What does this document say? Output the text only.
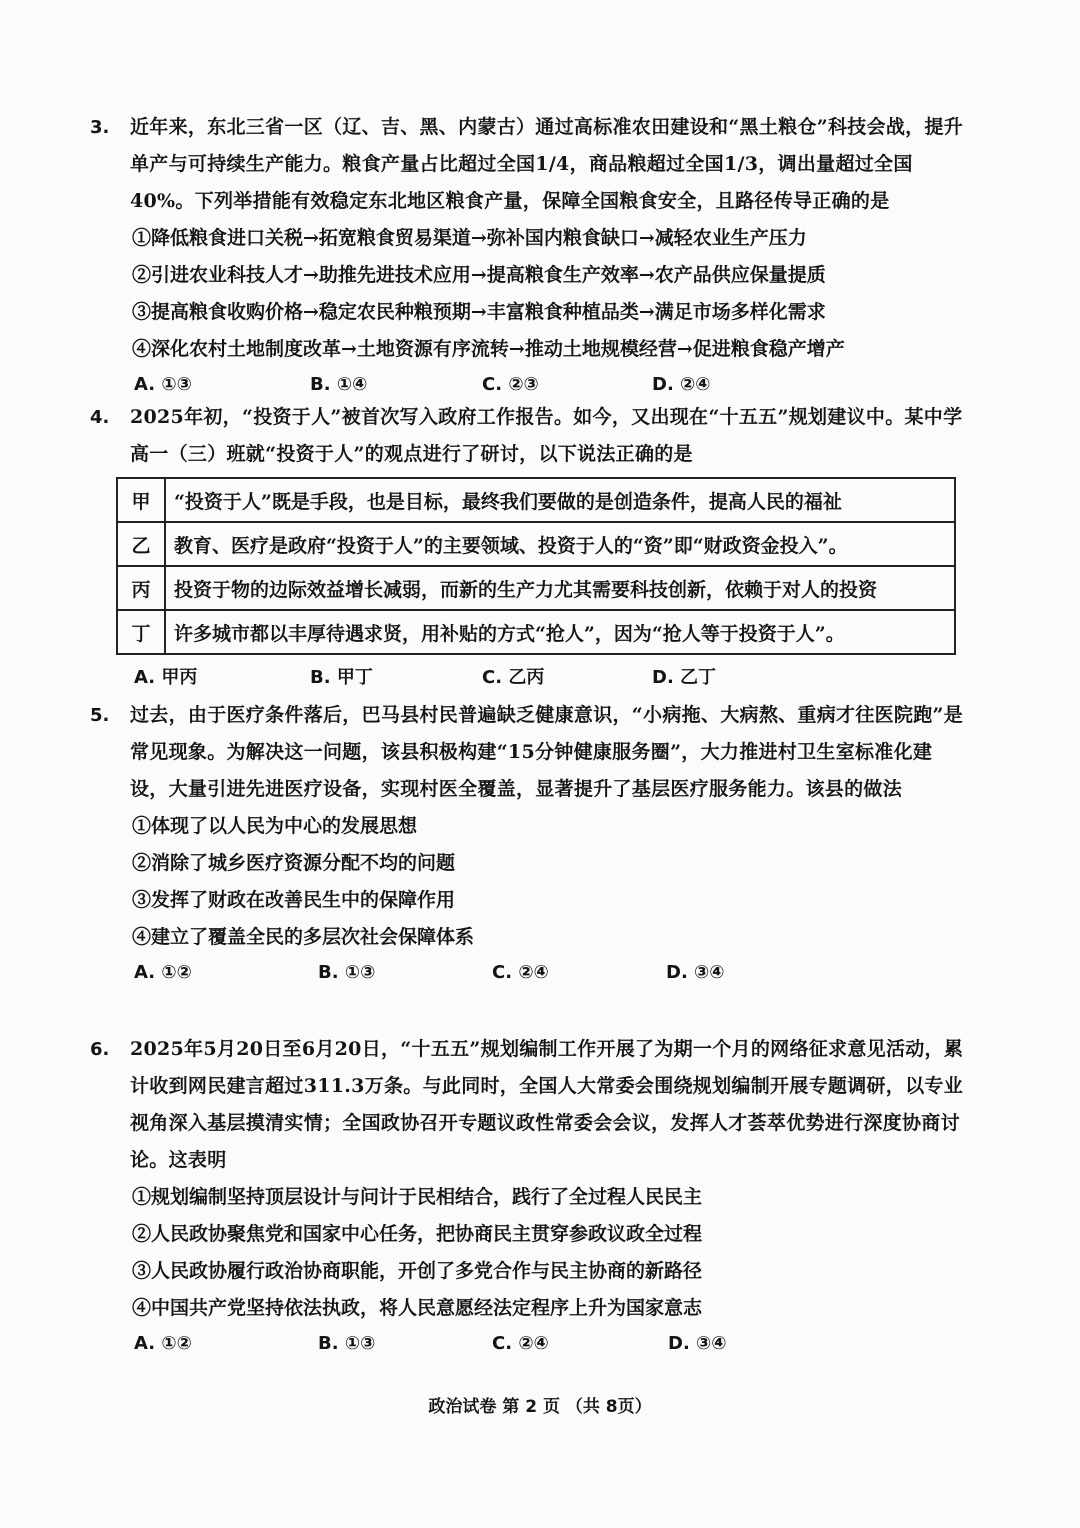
3. 近年来，东北三省一区（辽、吉、黑、内蒙古）通过高标准农田建设和“黑土粮仓”科技会战，提升单产与可持续生产能力。粮食产量占比超过全国1/4，商品粮超过全国1/3，调出量超过全国40%。下列举措能有效稳定东北地区粮食产量，保障全国粮食安全，且路径传导正确的是
①降低粮食进口关税→拓宽粮食贸易渠道→弥补国内粮食缺口→减轻农业生产压力
②引进农业科技人才→助推先进技术应用→提高粮食生产效率→农产品供应保量提质
③提高粮食收购价格→稳定农民种粮预期→丰富粮食种植品类→满足市场多样化需求
④深化农村土地制度改革→土地资源有序流转→推动土地规模经营→促进粮食稳产增产
A. ①③	B. ①④	C. ②③	D. ②④
4. 2025年初，“投资于人”被首次写入政府工作报告。如今，又出现在“十五五”规划建议中。某中学高一（三）班就“投资于人”的观点进行了研讨，以下说法正确的是
甲	“投资于人”既是手段，也是目标，最终我们要做的是创造条件，提高人民的福祉
乙	教育、医疗是政府“投资于人”的主要领域、投资于人的“资”即“财政资金投入”。
丙	投资于物的边际效益增长减弱，而新的生产力尤其需要科技创新，依赖于对人的投资
丁	许多城市都以丰厚待遇求贤，用补贴的方式“抢人”，因为“抢人等于投资于人”。
A. 甲丙	B. 甲丁	C. 乙丙	D. 乙丁
5. 过去，由于医疗条件落后，巴马县村民普遍缺乏健康意识，“小病拖、大病熬、重病才往医院跑”是常见现象。为解决这一问题，该县积极构建“15分钟健康服务圈”，大力推进村卫生室标准化建设，大量引进先进医疗设备，实现村医全覆盖，显著提升了基层医疗服务能力。该县的做法
①体现了以人民为中心的发展思想
②消除了城乡医疗资源分配不均的问题
③发挥了财政在改善民生中的保障作用
④建立了覆盖全民的多层次社会保障体系
A. ①②	B. ①③	C. ②④	D. ③④
6. 2025年5月20日至6月20日，“十五五”规划编制工作开展了为期一个月的网络征求意见活动，累计收到网民建言超过311.3万条。与此同时，全国人大常委会围绕规划编制开展专题调研，以专业视角深入基层摸清实情；全国政协召开专题议政性常委会会议，发挥人才荟萃优势进行深度协商讨论。这表明
①规划编制坚持顶层设计与问计于民相结合，践行了全过程人民民主
②人民政协聚焦党和国家中心任务，把协商民主贯穿参政议政全过程
③人民政协履行政治协商职能，开创了多党合作与民主协商的新路径
④中国共产党坚持依法执政，将人民意愿经法定程序上升为国家意志
A. ①②	B. ①③	C. ②④	D. ③④
政治试卷 第 2 页 （共 8页）
